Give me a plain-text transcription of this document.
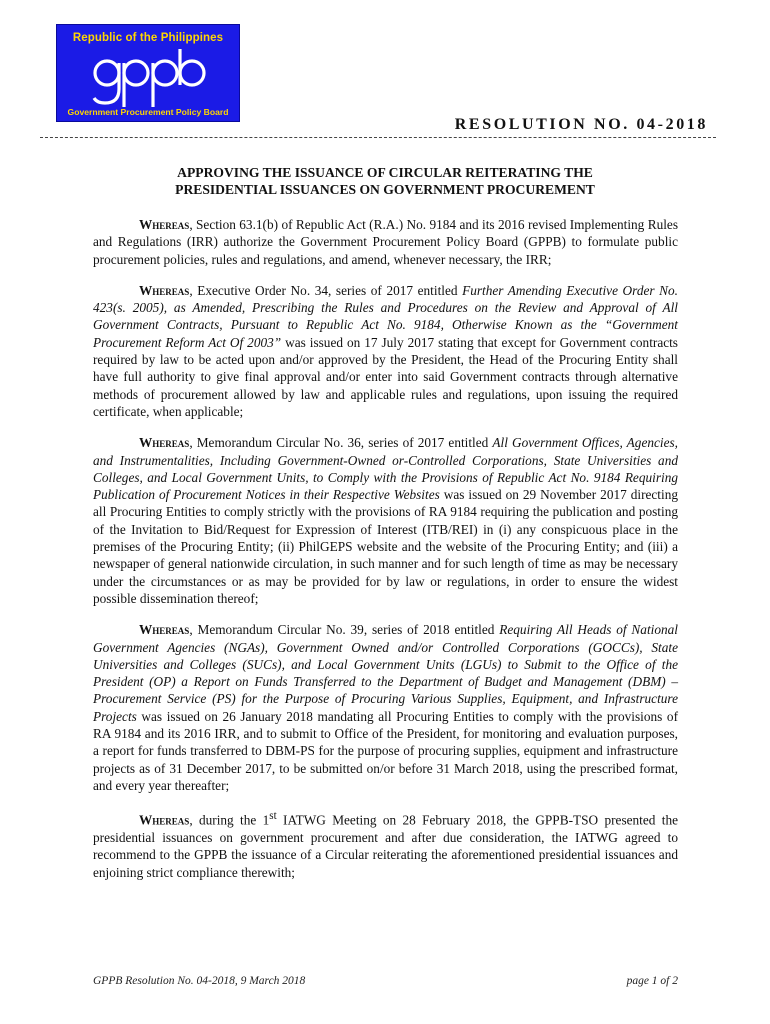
Republic of the Philippines
Government Procurement Policy Board
RESOLUTION NO. 04-2018
APPROVING THE ISSUANCE OF CIRCULAR REITERATING THE
PRESIDENTIAL ISSUANCES ON GOVERNMENT PROCUREMENT

Whereas, Section 63.1(b) of Republic Act (R.A.) No. 9184 and its 2016 revised Implementing Rules and Regulations (IRR) authorize the Government Procurement Policy Board (GPPB) to formulate public procurement policies, rules and regulations, and amend, whenever necessary, the IRR;

Whereas, Executive Order No. 34, series of 2017 entitled Further Amending Executive Order No. 423(s. 2005), as Amended, Prescribing the Rules and Procedures on the Review and Approval of All Government Contracts, Pursuant to Republic Act No. 9184, Otherwise Known as the “Government Procurement Reform Act Of 2003” was issued on 17 July 2017 stating that except for Government contracts required by law to be acted upon and/or approved by the President, the Head of the Procuring Entity shall have full authority to give final approval and/or enter into said Government contracts through alternative methods of procurement allowed by law and applicable rules and regulations, upon issuing the required certificate, when applicable;

Whereas, Memorandum Circular No. 36, series of 2017 entitled All Government Offices, Agencies, and Instrumentalities, Including Government-Owned or-Controlled Corporations, State Universities and Colleges, and Local Government Units, to Comply with the Provisions of Republic Act No. 9184 Requiring Publication of Procurement Notices in their Respective Websites was issued on 29 November 2017 directing all Procuring Entities to comply strictly with the provisions of RA 9184 requiring the publication and posting of the Invitation to Bid/Request for Expression of Interest (ITB/REI) in (i) any conspicuous place in the premises of the Procuring Entity; (ii) PhilGEPS website and the website of the Procuring Entity; and (iii) a newspaper of general nationwide circulation, in such manner and for such length of time as may be necessary under the circumstances or as may be provided for by law or regulations, in order to ensure the widest possible dissemination thereof;

Whereas, Memorandum Circular No. 39, series of 2018 entitled Requiring All Heads of National Government Agencies (NGAs), Government Owned and/or Controlled Corporations (GOCCs), State Universities and Colleges (SUCs), and Local Government Units (LGUs) to Submit to the Office of the President (OP) a Report on Funds Transferred to the Department of Budget and Management (DBM) – Procurement Service (PS) for the Purpose of Procuring Various Supplies, Equipment, and Infrastructure Projects was issued on 26 January 2018 mandating all Procuring Entities to comply with the provisions of RA 9184 and its 2016 IRR, and to submit to Office of the President, for monitoring and evaluation purposes, a report for funds transferred to DBM-PS for the purpose of procuring supplies, equipment and infrastructure projects as of 31 December 2017, to be submitted on/or before 31 March 2018, using the prescribed format, and every year thereafter;

Whereas, during the 1st IATWG Meeting on 28 February 2018, the GPPB-TSO presented the presidential issuances on government procurement and after due consideration, the IATWG agreed to recommend to the GPPB the issuance of a Circular reiterating the aforementioned presidential issuances and enjoining strict compliance therewith;

GPPB Resolution No. 04-2018, 9 March 2018	page 1 of 2
